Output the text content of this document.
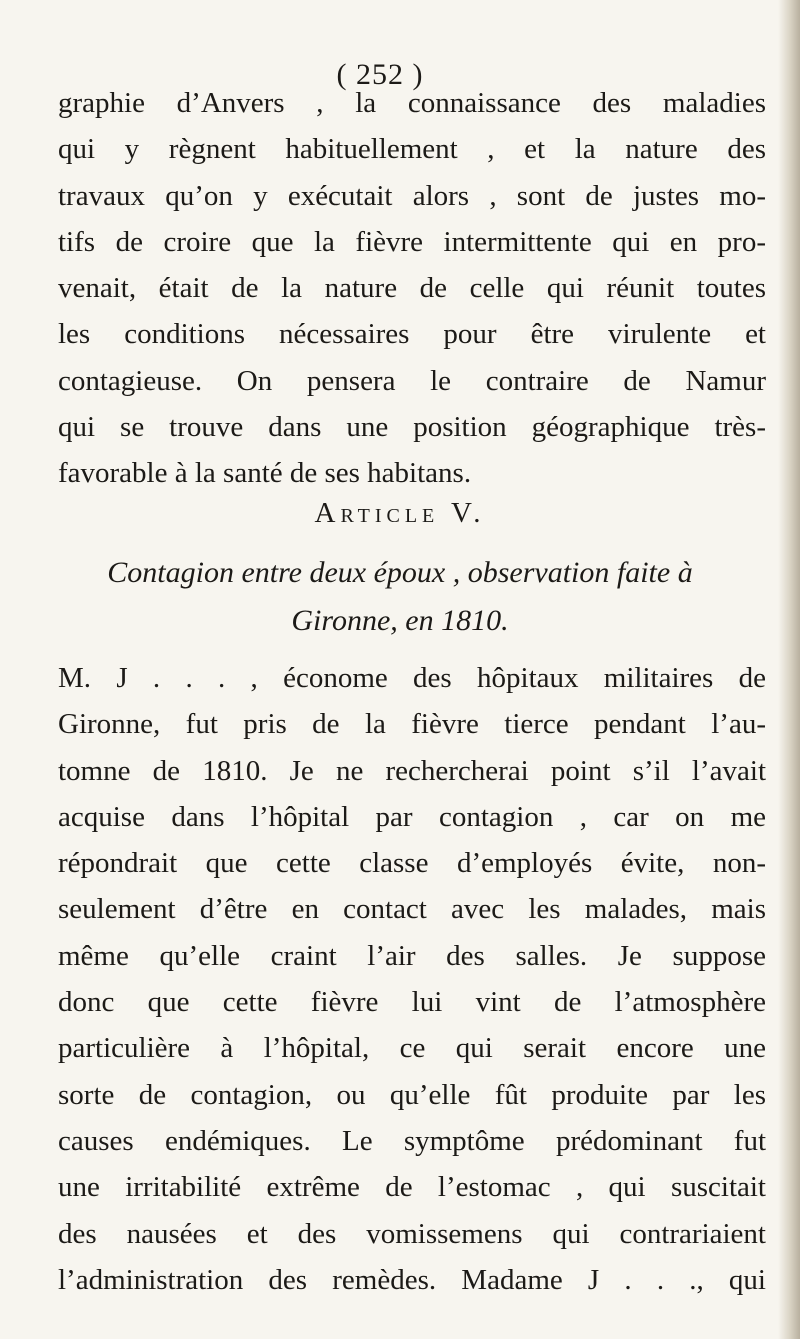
( 252 )
graphie d’Anvers , la connaissance des maladies
qui y règnent habituellement , et la nature des
travaux qu’on y exécutait alors , sont de justes mo-
tifs de croire que la fièvre intermittente qui en pro-
venait, était de la nature de celle qui réunit toutes
les conditions nécessaires pour être virulente et
contagieuse. On pensera le contraire de Namur
qui se trouve dans une position géographique très-
favorable à la santé de ses habitans.
Article V.
Contagion entre deux époux , observation faite à
Gironne, en 1810.
M. J . . . , économe des hôpitaux militaires de
Gironne, fut pris de la fièvre tierce pendant l’au-
tomne de 1810. Je ne rechercherai point s’il l’avait
acquise dans l’hôpital par contagion , car on me
répondrait que cette classe d’employés évite, non-
seulement d’être en contact avec les malades, mais
même qu’elle craint l’air des salles. Je suppose
donc que cette fièvre lui vint de l’atmosphère
particulière à l’hôpital, ce qui serait encore une
sorte de contagion, ou qu’elle fût produite par les
causes endémiques. Le symptôme prédominant fut
une irritabilité extrême de l’estomac , qui suscitait
des nausées et des vomissemens qui contrariaient
l’administration des remèdes. Madame J . . ., qui
